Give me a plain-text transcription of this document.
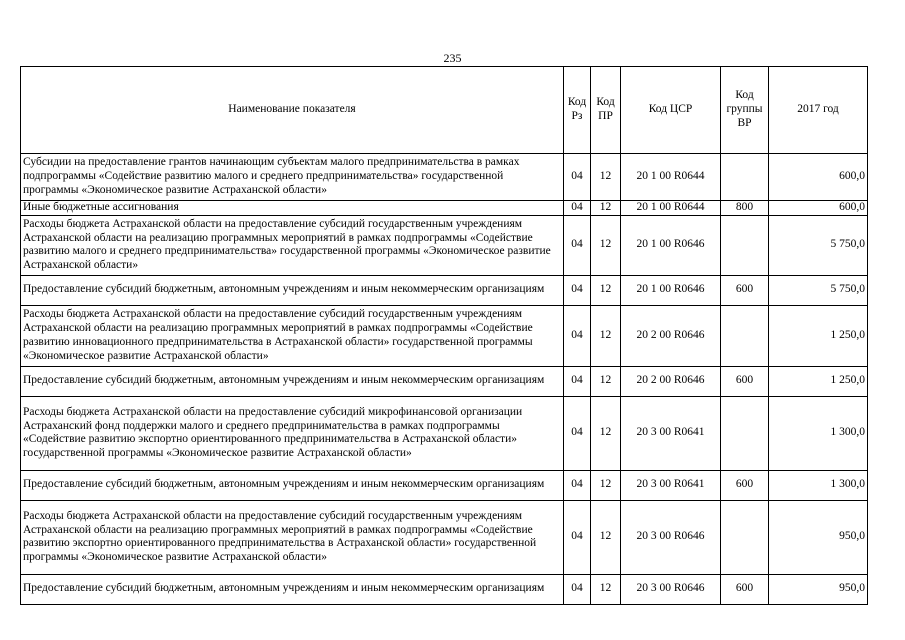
235
Наименование показателя	Код Рз	Код ПР	Код ЦСР	Код группы ВР	2017 год
Субсидии на предоставление грантов начинающим субъектам малого предпринимательства в рамках подпрограммы «Содействие развитию малого и среднего предпринимательства» государственной программы «Экономическое развитие Астраханской области»	04	12	20 1 00 R0644		600,0
Иные бюджетные ассигнования	04	12	20 1 00 R0644	800	600,0
Расходы бюджета Астраханской области на предоставление субсидий государственным учреждениям Астраханской области на реализацию программных мероприятий в рамках подпрограммы «Содействие развитию малого и среднего предпринимательства» государственной программы «Экономическое развитие Астраханской области»	04	12	20 1 00 R0646		5 750,0
Предоставление субсидий бюджетным, автономным учреждениям и иным некоммерческим организациям	04	12	20 1 00 R0646	600	5 750,0
Расходы бюджета Астраханской области на предоставление субсидий государственным учреждениям Астраханской области на реализацию программных мероприятий в рамках подпрограммы «Содействие развитию инновационного предпринимательства в Астраханской области» государственной программы «Экономическое развитие Астраханской области»	04	12	20 2 00 R0646		1 250,0
Предоставление субсидий бюджетным, автономным учреждениям и иным некоммерческим организациям	04	12	20 2 00 R0646	600	1 250,0
Расходы бюджета Астраханской области на предоставление субсидий микрофинансовой организации Астраханский фонд поддержки малого и среднего предпринимательства в рамках подпрограммы «Содействие развитию экспортно ориентированного предпринимательства в Астраханской области» государственной программы «Экономическое развитие Астраханской области»	04	12	20 3 00 R0641		1 300,0
Предоставление субсидий бюджетным, автономным учреждениям и иным некоммерческим организациям	04	12	20 3 00 R0641	600	1 300,0
Расходы бюджета Астраханской области на предоставление субсидий государственным учреждениям Астраханской области на реализацию программных мероприятий в рамках подпрограммы «Содействие развитию экспортно ориентированного предпринимательства в Астраханской области» государственной программы «Экономическое развитие Астраханской области»	04	12	20 3 00 R0646		950,0
Предоставление субсидий бюджетным, автономным учреждениям и иным некоммерческим организациям	04	12	20 3 00 R0646	600	950,0
